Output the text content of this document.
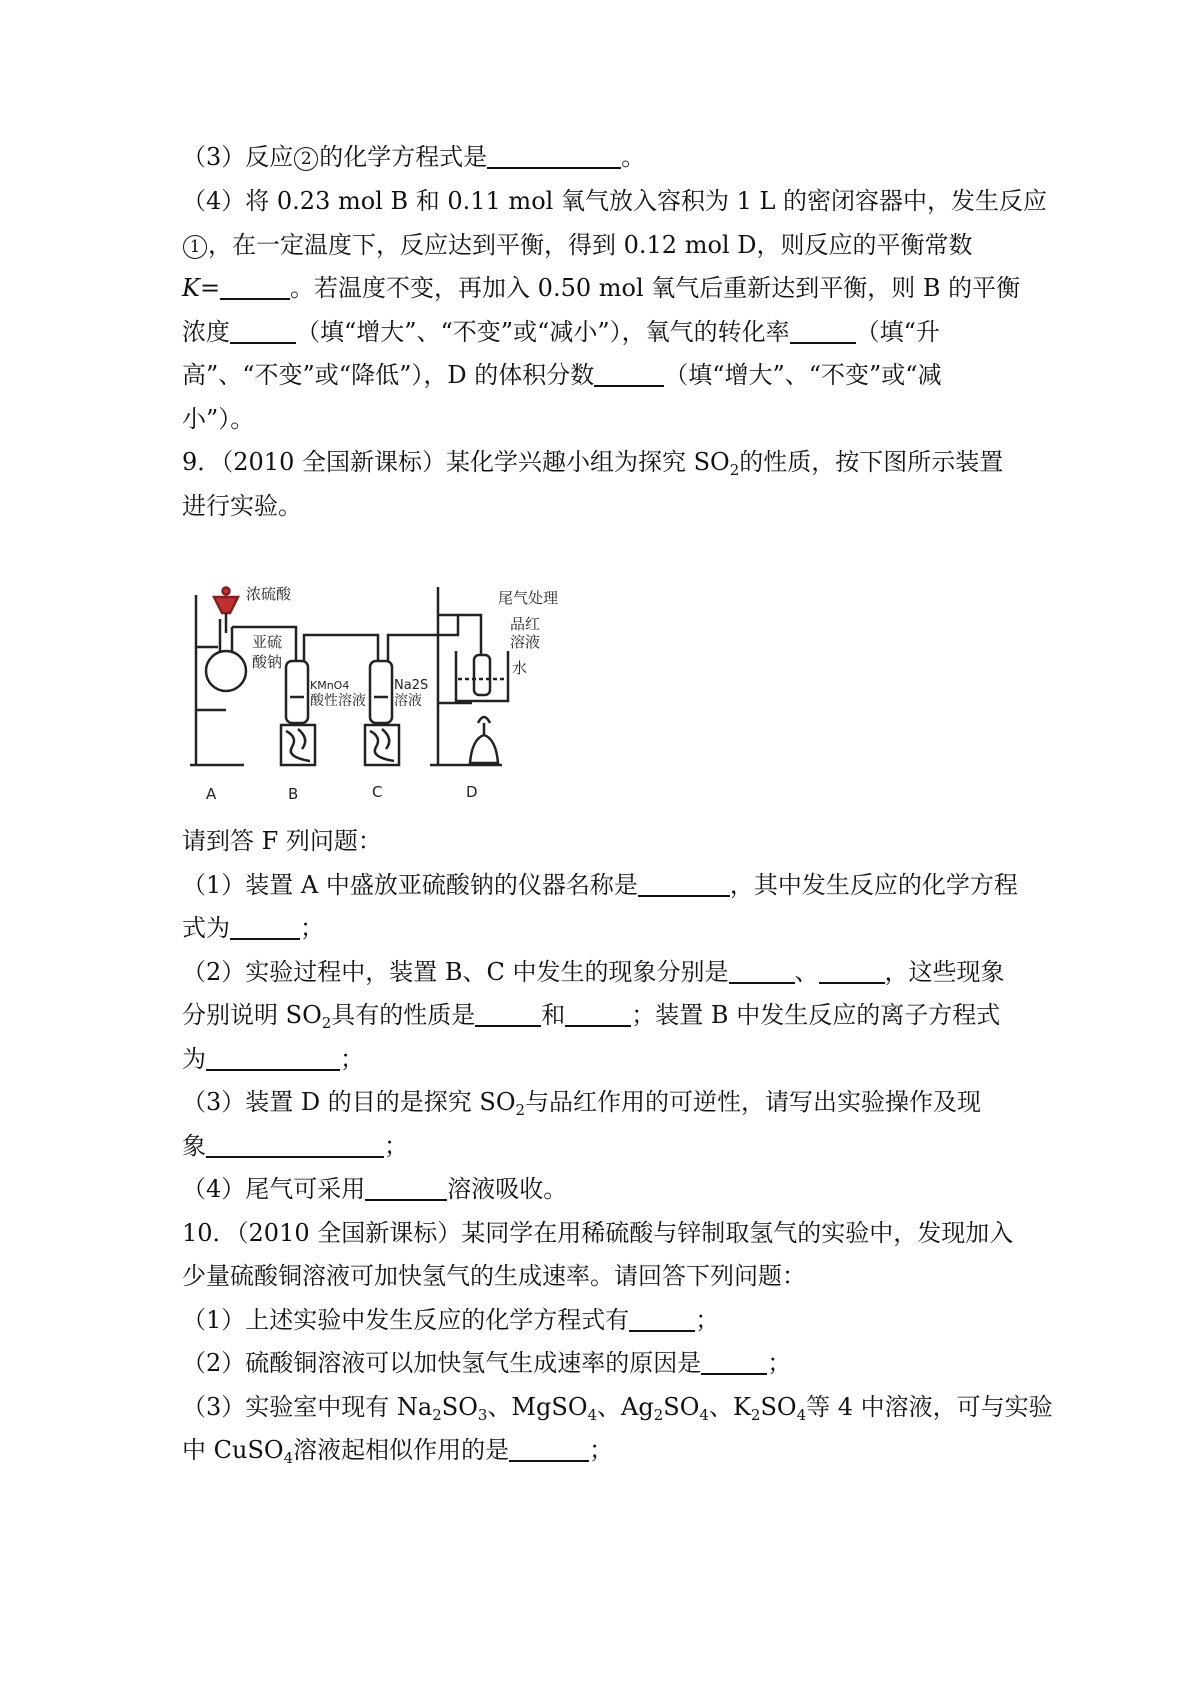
（3）反应 2 的化学方程式是	。
（4）将 0.23 mol B 和 0.11 mol 氧气放入容积为 1 L 的密闭容器中，发生反应
1 ，在一定温度下，反应达到平衡，得到 0.12 mol D，则反应的平衡常数
K=	。若温度不变，再加入 0.50 mol 氧气后重新达到平衡，则 B 的平衡
浓度	（填“增大”、“不变”或“减小”），氧气的转化率	（填“升
高”、“不变”或“降低”），D 的体积分数	（填“增大”、“不变”或“减
小”）。
9．（2010 全国新课标）某化学兴趣小组为探究 $SO_2$的性质，按下图所示装置
进行实验。
浓硫酸
亚硫
酸钠
KMnO4
酸性溶液
Na2S
溶液
尾气处理
品红
溶液
水
A	B	C	D
请到答 F 列问题：
（1）装置 A 中盛放亚硫酸钠的仪器名称是	，其中发生反应的化学方程
式为	；
（2）实验过程中，装置 B、C 中发生的现象分别是	、	，这些现象
分别说明 $SO_2$具有的性质是	和	；装置 B 中发生反应的离子方程式
为	；
（3）装置 D 的目的是探究 $SO_2$与品红作用的可逆性，请写出实验操作及现
象	；
（4）尾气可采用	溶液吸收。
10．（2010 全国新课标）某同学在用稀硫酸与锌制取氢气的实验中，发现加入
少量硫酸铜溶液可加快氢气的生成速率。请回答下列问题：
（1）上述实验中发生反应的化学方程式有	；
（2）硫酸铜溶液可以加快氢气生成速率的原因是	；
（3）实验室中现有 $Na_2SO_3$、MgSO$_4$、$Ag_2SO_4$、$K_2SO_4$等 4 中溶液，可与实验
中 CuSO$_4$溶液起相似作用的是	；
